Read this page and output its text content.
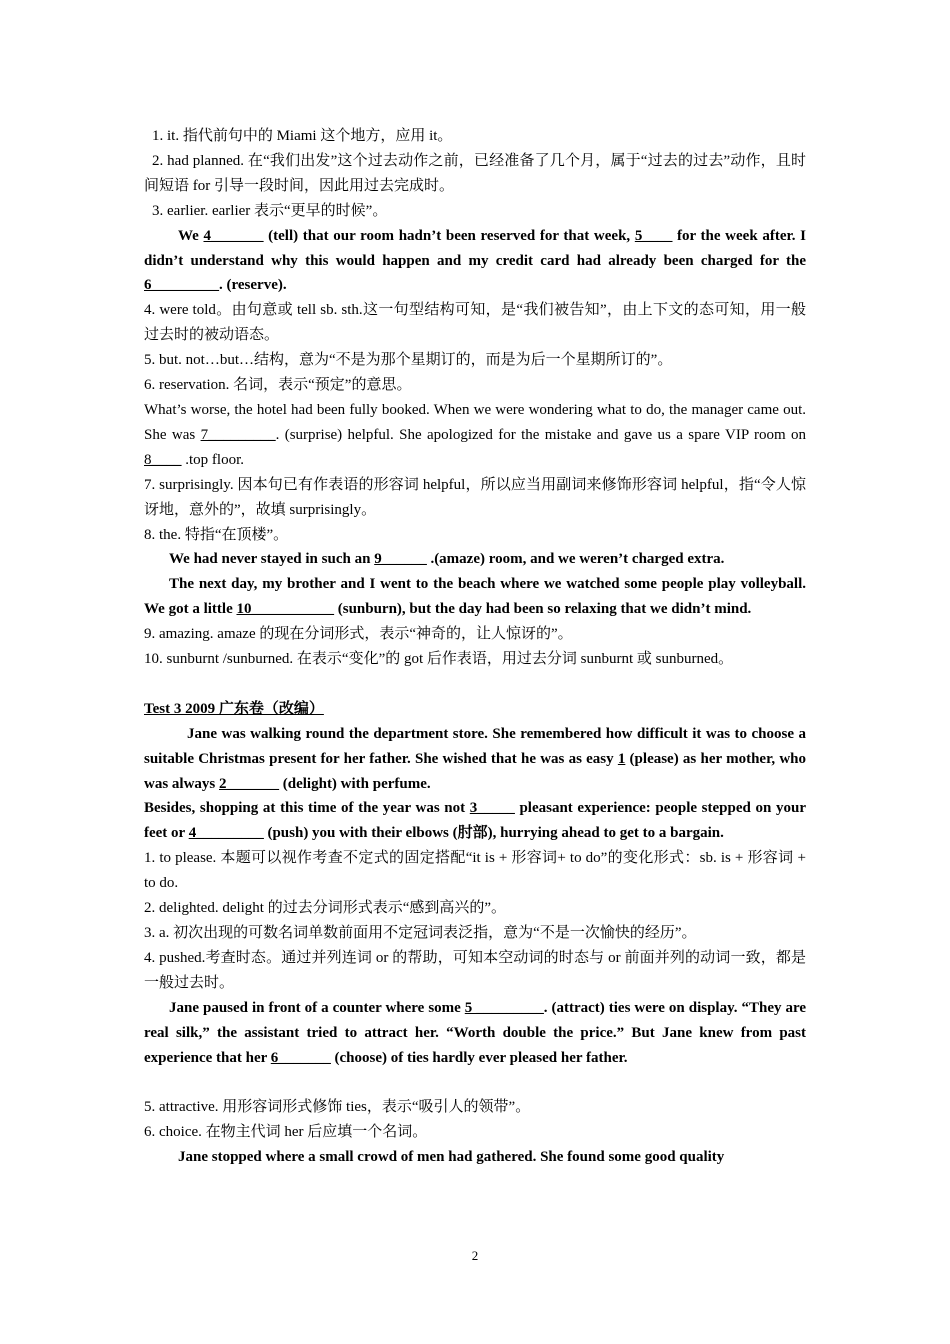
1. it. 指代前句中的 Miami 这个地方，应用 it。

2. had planned. 在“我们出发”这个过去动作之前，已经准备了几个月，属于“过去的过去”动作，且时间短语 for 引导一段时间，因此用过去完成时。

3. earlier. earlier 表示“更早的时候”。

We 4_______ (tell) that our room hadn’t been reserved for that week, 5____ for the week after. I didn’t understand why this would happen and my credit card had already been charged for the 6_________. (reserve).

4. were told。由句意或 tell sb. sth.这一句型结构可知，是“我们被告知”，由上下文的态可知，用一般过去时的被动语态。

5. but. not…but…结构，意为“不是为那个星期订的，而是为后一个星期所订的”。

6. reservation. 名词，表示“预定”的意思。

What’s worse, the hotel had been fully booked. When we were wondering what to do, the manager came out. She was 7_________. (surprise) helpful. She apologized for the mistake and gave us a spare VIP room on 8____ .top floor.

7. surprisingly. 因本句已有作表语的形容词 helpful，所以应当用副词来修饰形容词 helpful，指“令人惊讶地，意外的”，故填 surprisingly。

8. the. 特指“在顶楼”。

We had never stayed in such an 9______ .(amaze) room, and we weren’t charged extra.

The next day, my brother and I went to the beach where we watched some people play volleyball. We got a little 10___________ (sunburn), but the day had been so relaxing that we didn’t mind.

9. amazing. amaze 的现在分词形式，表示“神奇的，让人惊讶的”。

10. sunburnt /sunburned. 在表示“变化”的 got 后作表语，用过去分词 sunburnt 或 sunburned。

Test 3 2009 广东卷（改编）

Jane was walking round the department store. She remembered how difficult it was to choose a suitable Christmas present for her father. She wished that he was as easy 1 (please) as her mother, who was always 2_______ (delight) with perfume.

Besides, shopping at this time of the year was not 3_____ pleasant experience: people stepped on your feet or 4_________ (push) you with their elbows (肘部), hurrying ahead to get to a bargain.

1. to please. 本题可以视作考查不定式的固定搭配“it is + 形容词+ to do”的变化形式：sb. is + 形容词 + to do.

2. delighted. delight 的过去分词形式表示“感到高兴的”。

3. a. 初次出现的可数名词单数前面用不定冠词表泛指，意为“不是一次愉快的经历”。

4. pushed.考查时态。通过并列连词 or 的帮助，可知本空动词的时态与 or 前面并列的动词一致，都是一般过去时。

Jane paused in front of a counter where some 5 _________. (attract) ties were on display. “They are real silk,” the assistant tried to attract her. “Worth double the price.” But Jane knew from past experience that her 6_______ (choose) of ties hardly ever pleased her father.

5. attractive. 用形容词形式修饰 ties，表示“吸引人的领带”。

6. choice. 在物主代词 her 后应填一个名词。

Jane stopped where a small crowd of men had gathered. She found some good quality

2
